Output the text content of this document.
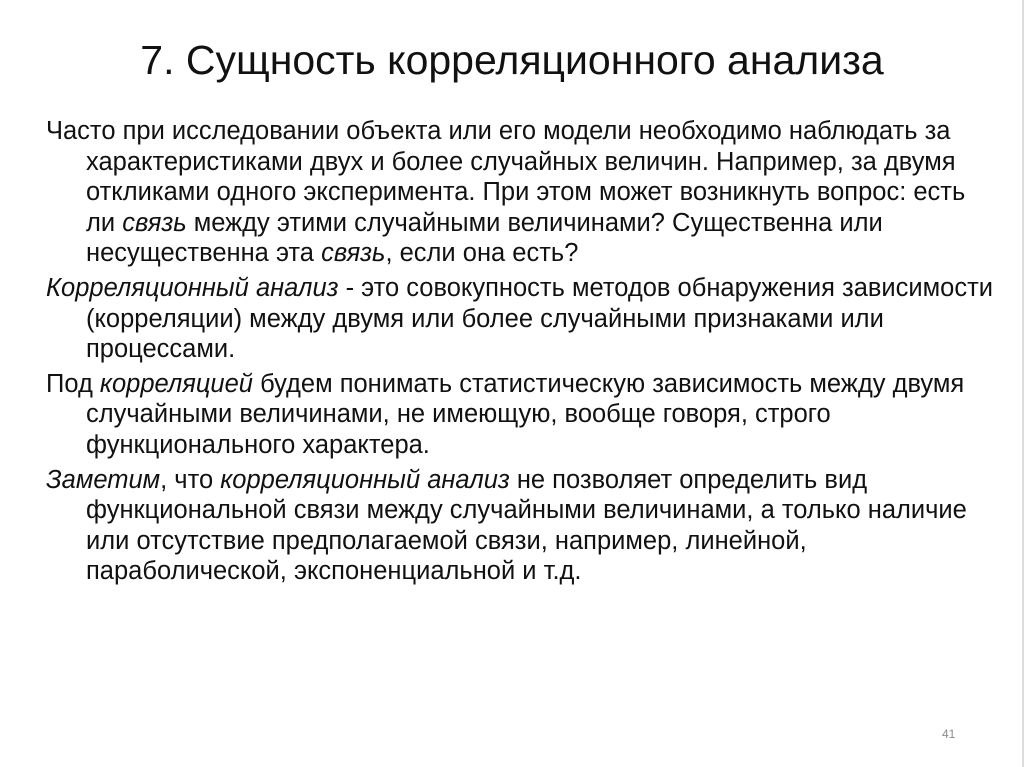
7. Сущность корреляционного анализа

Часто при исследовании объекта или его модели необходимо наблюдать за характеристиками двух и более случайных величин. Например, за двумя откликами одного эксперимента. При этом может возникнуть вопрос: есть ли связь между этими случайными величинами? Существенна или несущественна эта связь, если она есть?

Корреляционный анализ - это совокупность методов обнаружения зависимости (корреляции) между двумя или более случайными признаками или процессами.

Под корреляцией будем понимать статистическую зависимость между двумя случайными величинами, не имеющую, вообще говоря, строго функционального характера.

Заметим, что корреляционный анализ не позволяет определить вид функциональной связи между случайными величинами, а только наличие или отсутствие предполагаемой связи, например, линейной, параболической, экспоненциальной и т.д.

41
